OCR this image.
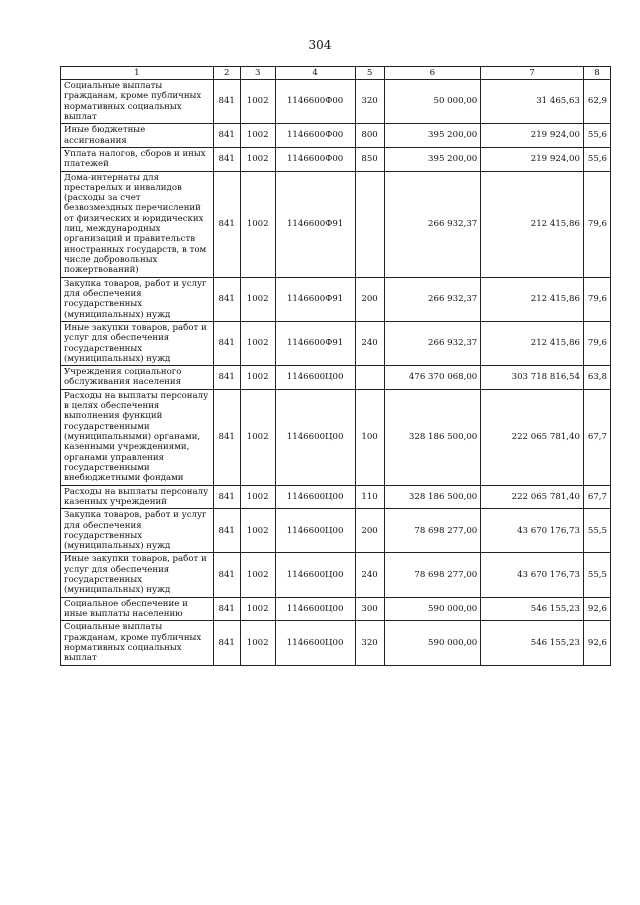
304
1	2	3	4	5	6	7	8
Социальные выплаты гражданам, кроме публичных нормативных социальных выплат	841	1002	1146600Ф00	320	50 000,00	31 465,63	62,9
Иные бюджетные ассигнования	841	1002	1146600Ф00	800	395 200,00	219 924,00	55,6
Уплата налогов, сборов и иных платежей	841	1002	1146600Ф00	850	395 200,00	219 924,00	55,6
Дома-интернаты для престарелых и инвалидов (расходы за счет безвозмездных перечислений от физических и юридических лиц, международных организаций и правительств иностранных государств, в том числе добровольных пожертвований)	841	1002	1146600Ф91		266 932,37	212 415,86	79,6
Закупка товаров, работ и услуг для обеспечения государственных (муниципальных) нужд	841	1002	1146600Ф91	200	266 932,37	212 415,86	79,6
Иные закупки товаров, работ и услуг для обеспечения государственных (муниципальных) нужд	841	1002	1146600Ф91	240	266 932,37	212 415,86	79,6
Учреждения социального обслуживания населения	841	1002	1146600Ц00		476 370 068,00	303 718 816,54	63,8
Расходы на выплаты персоналу в целях обеспечения выполнения функций государственными (муниципальными) органами, казенными учреждениями, органами управления государственными внебюджетными фондами	841	1002	1146600Ц00	100	328 186 500,00	222 065 781,40	67,7
Расходы на выплаты персоналу казенных учреждений	841	1002	1146600Ц00	110	328 186 500,00	222 065 781,40	67,7
Закупка товаров, работ и услуг для обеспечения государственных (муниципальных) нужд	841	1002	1146600Ц00	200	78 698 277,00	43 670 176,73	55,5
Иные закупки товаров, работ и услуг для обеспечения государственных (муниципальных) нужд	841	1002	1146600Ц00	240	78 698 277,00	43 670 176,73	55,5
Социальное обеспечение и иные выплаты населению	841	1002	1146600Ц00	300	590 000,00	546 155,23	92,6
Социальные выплаты гражданам, кроме публичных нормативных социальных выплат	841	1002	1146600Ц00	320	590 000,00	546 155,23	92,6
